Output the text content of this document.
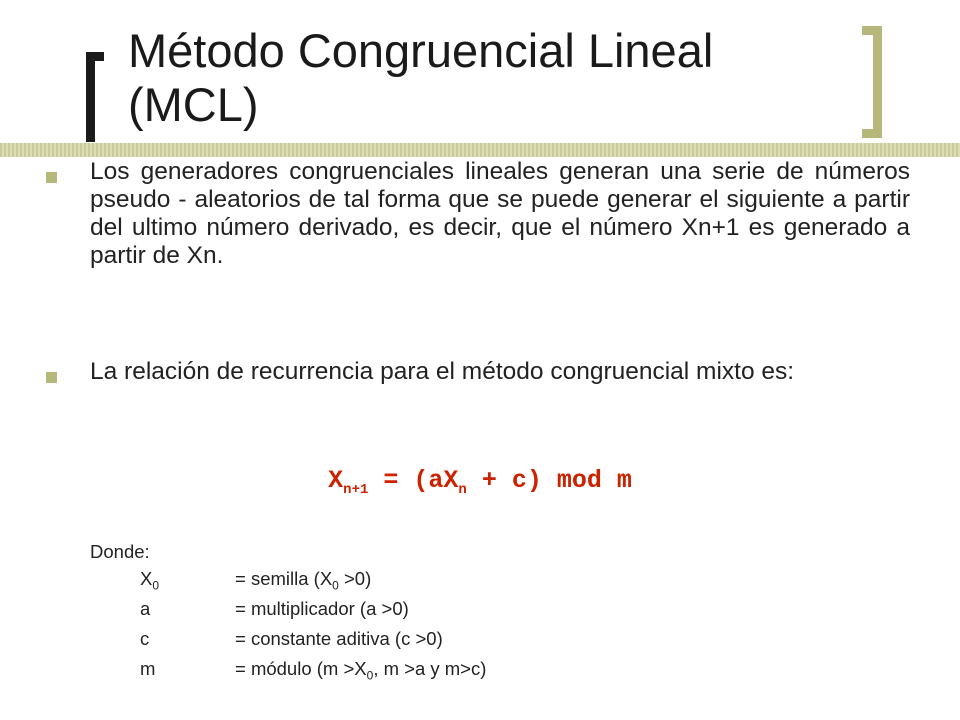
Método Congruencial Lineal (MCL)

Los generadores congruenciales lineales generan una serie de números pseudo - aleatorios de tal forma que se puede generar el siguiente a partir del ultimo número derivado, es decir, que el número Xn+1 es generado a partir de Xn.

La relación de recurrencia para el método congruencial mixto es:

$X_{n+1} = (aX_n + c)$ mod m
Donde:
$X_0$	= semilla $(X_0 >0)$
a	= multiplicador (a >0)
c	= constante aditiva (c >0)
m	= módulo ($m >X_0$, m >a y m>c)
